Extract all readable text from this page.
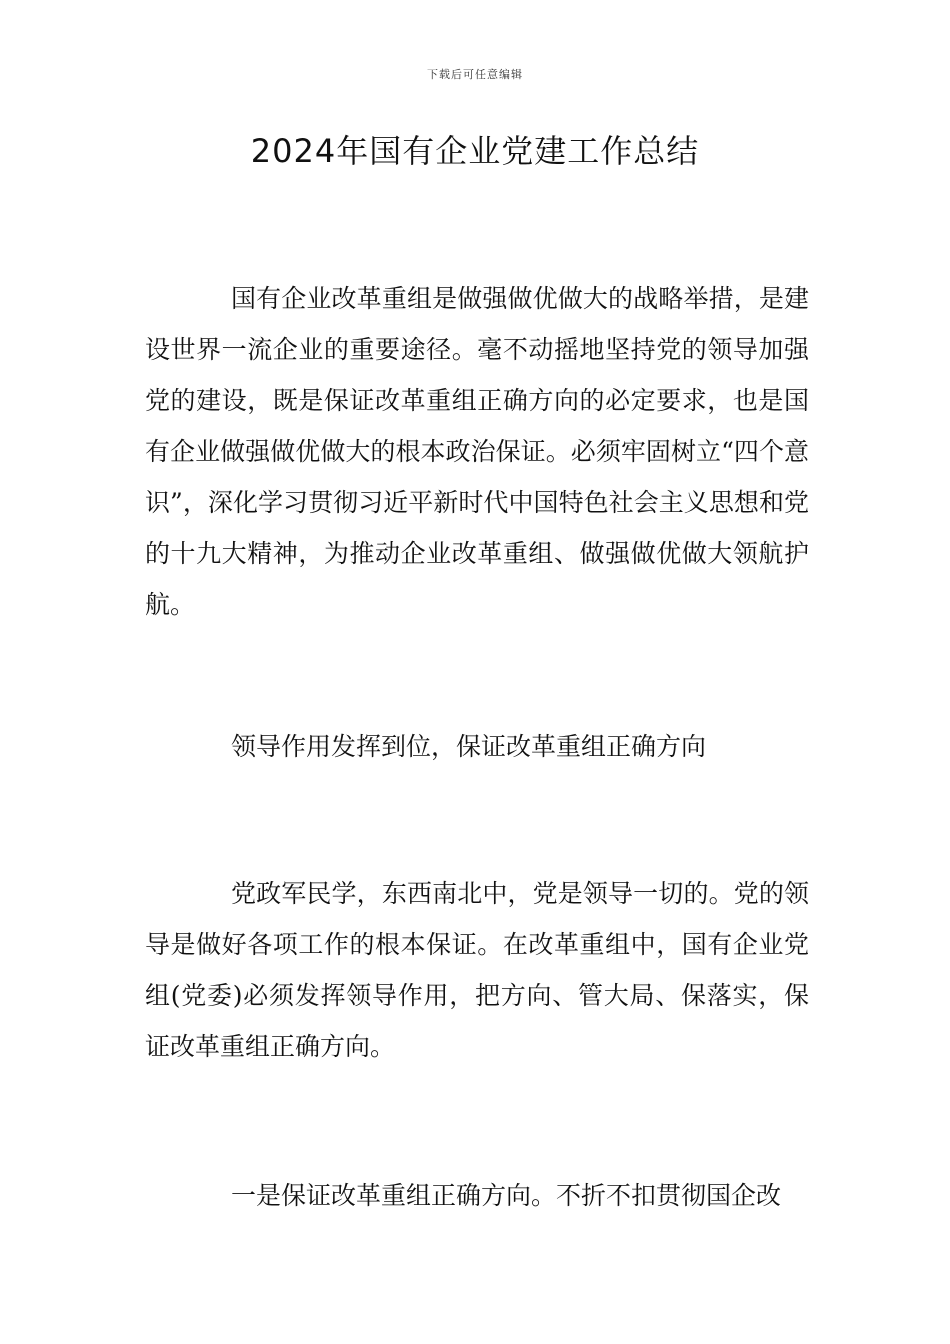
下载后可任意编辑
2024年国有企业党建工作总结

国有企业改革重组是做强做优做大的战略举措，是建设世界一流企业的重要途径。毫不动摇地坚持党的领导加强党的建设，既是保证改革重组正确方向的必定要求，也是国有企业做强做优做大的根本政治保证。必须牢固树立“四个意识”，深化学习贯彻习近平新时代中国特色社会主义思想和党的十九大精神，为推动企业改革重组、做强做优做大领航护航。

领导作用发挥到位，保证改革重组正确方向

党政军民学，东西南北中，党是领导一切的。党的领导是做好各项工作的根本保证。在改革重组中，国有企业党组(党委)必须发挥领导作用，把方向、管大局、保落实，保证改革重组正确方向。

一是保证改革重组正确方向。不折不扣贯彻国企改
